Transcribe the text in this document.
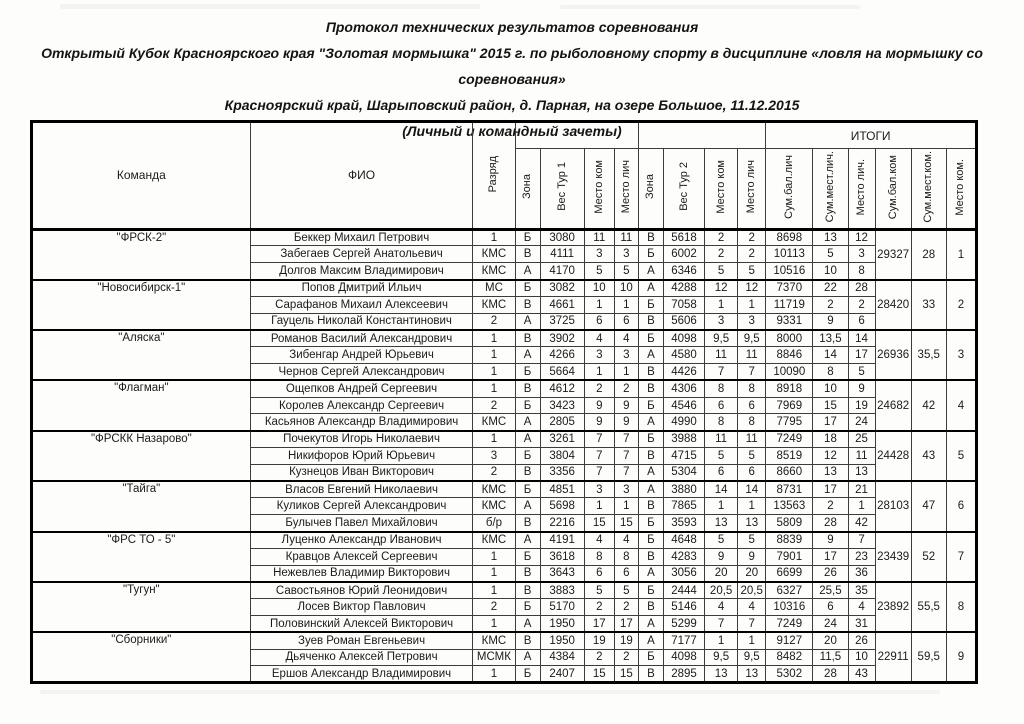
Протокол технических результатов соревнования
Открытый Кубок Красноярского края "Золотая мормышка" 2015 г. по рыболовному спорту в дисциплине «ловля на мормышку со
соревнования»
Красноярский край, Шарыповский район, д. Парная, на озере Большое, 11.12.2015
(Личный и командный зачеты)
Команда	ФИО	Разряд									ИТОГИ					
			Зона	Вес Тур 1	Место ком	Место лич	Зона	Вес Тур 2	Место ком	Место лич	Сум.бал.лич	Сум.мест.лич.	Место лич.	Сум.бал.ком	Сум.мест.ком.	Место ком.
"ФРСК-2"	Беккер Михаил Петрович	1	Б	3080	11	11	В	5618	2	2	8698	13	12	29327	28	1
	Забегаев Сергей Анатольевич	КМС	В	4111	3	3	Б	6002	2	2	10113	5	3			
	Долгов Максим Владимирович	КМС	А	4170	5	5	А	6346	5	5	10516	10	8			
"Новосибирск-1"	Попов Дмитрий Ильич	МС	Б	3082	10	10	А	4288	12	12	7370	22	28	28420	33	2
	Сарафанов Михаил Алексеевич	КМС	В	4661	1	1	Б	7058	1	1	11719	2	2			
	Гауцель Николай Константинович	2	А	3725	6	6	В	5606	3	3	9331	9	6			
"Аляска"	Романов Василий Александрович	1	В	3902	4	4	Б	4098	9,5	9,5	8000	13,5	14	26936	35,5	3
	Зибенгар Андрей Юрьевич	1	А	4266	3	3	А	4580	11	11	8846	14	17			
	Чернов Сергей Александрович	1	Б	5664	1	1	В	4426	7	7	10090	8	5			
"Флагман"	Ощепков Андрей Сергеевич	1	В	4612	2	2	В	4306	8	8	8918	10	9	24682	42	4
	Королев Александр Сергеевич	2	Б	3423	9	9	Б	4546	6	6	7969	15	19			
	Касьянов Александр Владимирович	КМС	А	2805	9	9	А	4990	8	8	7795	17	24			
"ФРСКК Назарово"	Почекутов Игорь Николаевич	1	А	3261	7	7	Б	3988	11	11	7249	18	25	24428	43	5
	Никифоров Юрий Юрьевич	3	Б	3804	7	7	В	4715	5	5	8519	12	11			
	Кузнецов Иван Викторович	2	В	3356	7	7	А	5304	6	6	8660	13	13			
"Тайга"	Власов Евгений Николаевич	КМС	Б	4851	3	3	А	3880	14	14	8731	17	21	28103	47	6
	Куликов Сергей Александрович	КМС	А	5698	1	1	В	7865	1	1	13563	2	1			
	Булычев Павел Михайлович	б/р	В	2216	15	15	Б	3593	13	13	5809	28	42			
"ФРС ТО - 5"	Луценко Александр Иванович	КМС	А	4191	4	4	Б	4648	5	5	8839	9	7	23439	52	7
	Кравцов Алексей Сергеевич	1	Б	3618	8	8	В	4283	9	9	7901	17	23			
	Нежевлев Владимир Викторович	1	В	3643	6	6	А	3056	20	20	6699	26	36			
"Тугун"	Савостьянов Юрий Леонидович	1	В	3883	5	5	Б	2444	20,5	20,5	6327	25,5	35	23892	55,5	8
	Лосев Виктор Павлович	2	Б	5170	2	2	В	5146	4	4	10316	6	4			
	Половинский Алексей Викторович	1	А	1950	17	17	А	5299	7	7	7249	24	31			
"Сборники"	Зуев Роман Евгеньевич	КМС	В	1950	19	19	А	7177	1	1	9127	20	26	22911	59,5	9
	Дьяченко Алексей Петрович	МСМК	А	4384	2	2	Б	4098	9,5	9,5	8482	11,5	10			
	Ершов Александр Владимирович	1	Б	2407	15	15	В	2895	13	13	5302	28	43			
